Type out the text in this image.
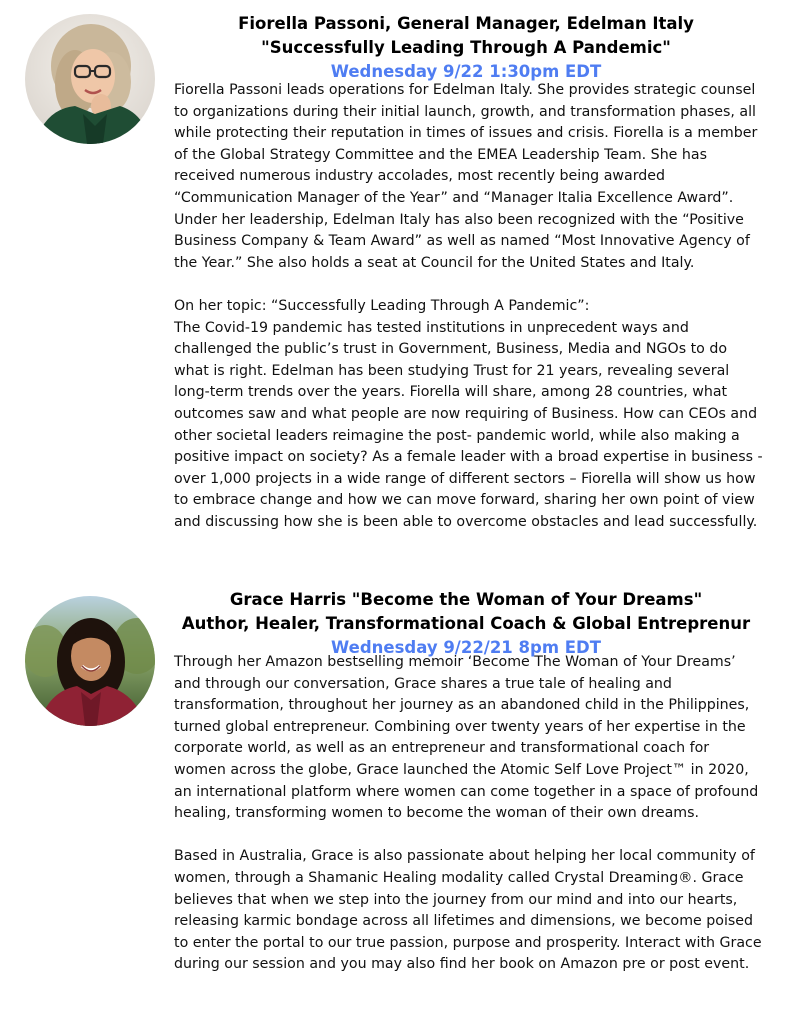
Fiorella Passoni, General Manager, Edelman Italy
"Successfully Leading Through A Pandemic"
Wednesday 9/22 1:30pm EDT

Fiorella Passoni leads operations for Edelman Italy. She provides strategic counsel to organizations during their initial launch, growth, and transformation phases, all while protecting their reputation in times of issues and crisis. Fiorella is a member of the Global Strategy Committee and the EMEA Leadership Team. She has received numerous industry accolades, most recently being awarded “Communication Manager of the Year” and “Manager Italia Excellence Award”. Under her leadership, Edelman Italy has also been recognized with the “Positive Business Company & Team Award” as well as named “Most Innovative Agency of the Year.” She also holds a seat at Council for the United States and Italy.

On her topic: “Successfully Leading Through A Pandemic”:
The Covid-19 pandemic has tested institutions in unprecedent ways and challenged the public’s trust in Government, Business, Media and NGOs to do what is right. Edelman has been studying Trust for 21 years, revealing several long-term trends over the years. Fiorella will share, among 28 countries, what outcomes saw and what people are now requiring of Business. How can CEOs and other societal leaders reimagine the post- pandemic world, while also making a positive impact on society? As a female leader with a broad expertise in business - over 1,000 projects in a wide range of different sectors – Fiorella will show us how to embrace change and how we can move forward, sharing her own point of view and discussing how she is been able to overcome obstacles and lead successfully.

Grace Harris "Become the Woman of Your Dreams"
Author, Healer, Transformational Coach & Global Entreprenur
Wednesday 9/22/21 8pm EDT

Through her Amazon bestselling memoir ‘Become The Woman of Your Dreams’ and through our conversation, Grace shares a true tale of healing and transformation, throughout her journey as an abandoned child in the Philippines, turned global entrepreneur. Combining over twenty years of her expertise in the corporate world, as well as an entrepreneur and transformational coach for women across the globe, Grace launched the Atomic Self Love Project™ in 2020, an international platform where women can come together in a space of profound healing, transforming women to become the woman of their own dreams.

Based in Australia, Grace is also passionate about helping her local community of women, through a Shamanic Healing modality called Crystal Dreaming®. Grace believes that when we step into the journey from our mind and into our hearts, releasing karmic bondage across all lifetimes and dimensions, we become poised to enter the portal to our true passion, purpose and prosperity. Interact with Grace during our session and you may also find her book on Amazon pre or post event.
